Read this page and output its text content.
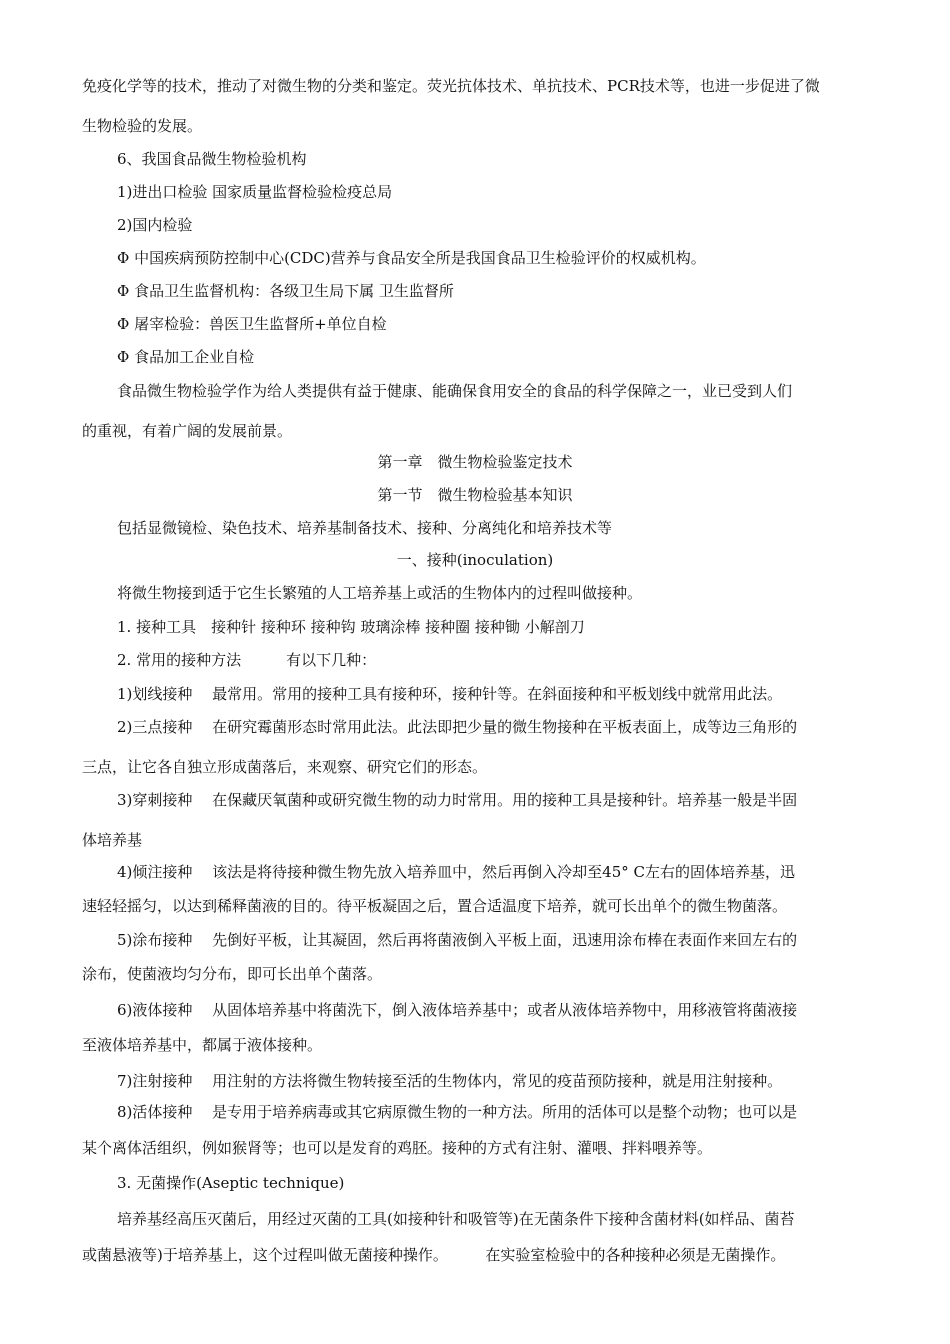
免疫化学等的技术，推动了对微生物的分类和鉴定。荧光抗体技术、单抗技术、PCR技术等，也进一步促进了微
生物检验的发展。
6、我国食品微生物检验机构
1)进出口检验 国家质量监督检验检疫总局
2)国内检验
Φ 中国疾病预防控制中心(CDC)营养与食品安全所是我国食品卫生检验评价的权威机构。
Φ 食品卫生监督机构：各级卫生局下属 卫生监督所
Φ 屠宰检验：兽医卫生监督所+单位自检
Φ 食品加工企业自检
食品微生物检验学作为给人类提供有益于健康、能确保食用安全的食品的科学保障之一，业已受到人们
的重视，有着广阔的发展前景。
第一章　微生物检验鉴定技术
第一节　微生物检验基本知识
包括显微镜检、染色技术、培养基制备技术、接种、分离纯化和培养技术等
一、接种(inoculation)
将微生物接到适于它生长繁殖的人工培养基上或活的生物体内的过程叫做接种。
1. 接种工具　接种针 接种环 接种钩 玻璃涂棒 接种圈 接种锄 小解剖刀
2. 常用的接种方法　　　有以下几种：
1)划线接种　 最常用。常用的接种工具有接种环，接种针等。在斜面接种和平板划线中就常用此法。
2)三点接种　 在研究霉菌形态时常用此法。此法即把少量的微生物接种在平板表面上，成等边三角形的
三点，让它各自独立形成菌落后，来观察、研究它们的形态。
3)穿刺接种　 在保藏厌氧菌种或研究微生物的动力时常用。用的接种工具是接种针。培养基一般是半固
体培养基
4)倾注接种　 该法是将待接种微生物先放入培养皿中，然后再倒入冷却至45° C左右的固体培养基，迅
速轻轻摇匀，以达到稀释菌液的目的。待平板凝固之后，置合适温度下培养，就可长出单个的微生物菌落。
5)涂布接种　 先倒好平板，让其凝固，然后再将菌液倒入平板上面，迅速用涂布棒在表面作来回左右的
涂布，使菌液均匀分布，即可长出单个菌落。
6)液体接种　 从固体培养基中将菌洗下，倒入液体培养基中；或者从液体培养物中，用移液管将菌液接
至液体培养基中，都属于液体接种。
7)注射接种　 用注射的方法将微生物转接至活的生物体内，常见的疫苗预防接种，就是用注射接种。
8)活体接种　 是专用于培养病毒或其它病原微生物的一种方法。所用的活体可以是整个动物；也可以是
某个离体活组织，例如猴肾等；也可以是发育的鸡胚。接种的方式有注射、灌喂、拌料喂养等。
3. 无菌操作(Aseptic technique)
培养基经高压灭菌后，用经过灭菌的工具(如接种针和吸管等)在无菌条件下接种含菌材料(如样品、菌苔
或菌悬液等)于培养基上，这个过程叫做无菌接种操作。　　　在实验室检验中的各种接种必须是无菌操作。
